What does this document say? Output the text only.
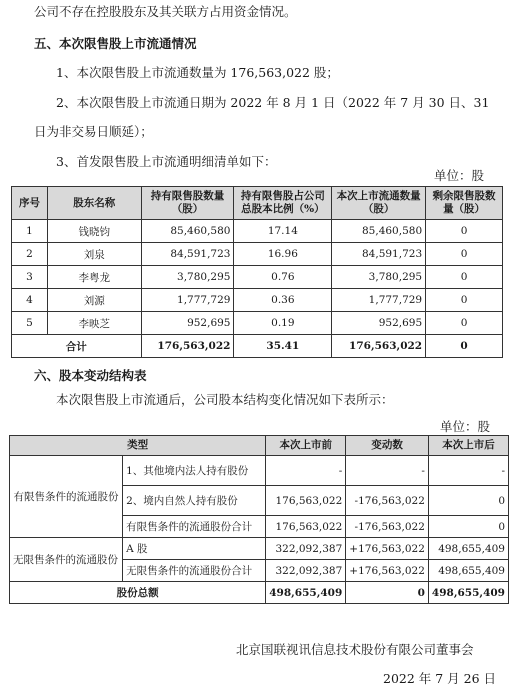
公司不存在控股股东及其关联方占用资金情况。
五、本次限售股上市流通情况
1、本次限售股上市流通数量为 176,563,022 股；
2、本次限售股上市流通日期为 2022 年 8 月 1 日（2022 年 7 月 30 日、31
日为非交易日顺延）；
3、首发限售股上市流通明细清单如下：
单位：股
序号	股东名称	持有限售股数量（股）	持有限售股占公司总股本比例（%）	本次上市流通数量（股）	剩余限售股数量（股）
1	钱晓钧	85,460,580	17.14	85,460,580	0
2	刘泉	84,591,723	16.96	84,591,723	0
3	李粤龙	3,780,295	0.76	3,780,295	0
4	刘源	1,777,729	0.36	1,777,729	0
5	李映芝	952,695	0.19	952,695	0
合计		176,563,022	35.41	176,563,022	0
六、股本变动结构表
本次限售股上市流通后，公司股本结构变化情况如下表所示：
单位：股
类型		本次上市前	变动数	本次上市后
有限售条件的流通股份	1、其他境内法人持有股份	-	-	-
	2、境内自然人持有股份	176,563,022	-176,563,022	0
	有限售条件的流通股份合计	176,563,022	-176,563,022	0
无限售条件的流通股份	A 股	322,092,387	+176,563,022	498,655,409
	无限售条件的流通股份合计	322,092,387	+176,563,022	498,655,409
股份总额		498,655,409	0	498,655,409
北京国联视讯信息技术股份有限公司董事会
2022 年 7 月 26 日
